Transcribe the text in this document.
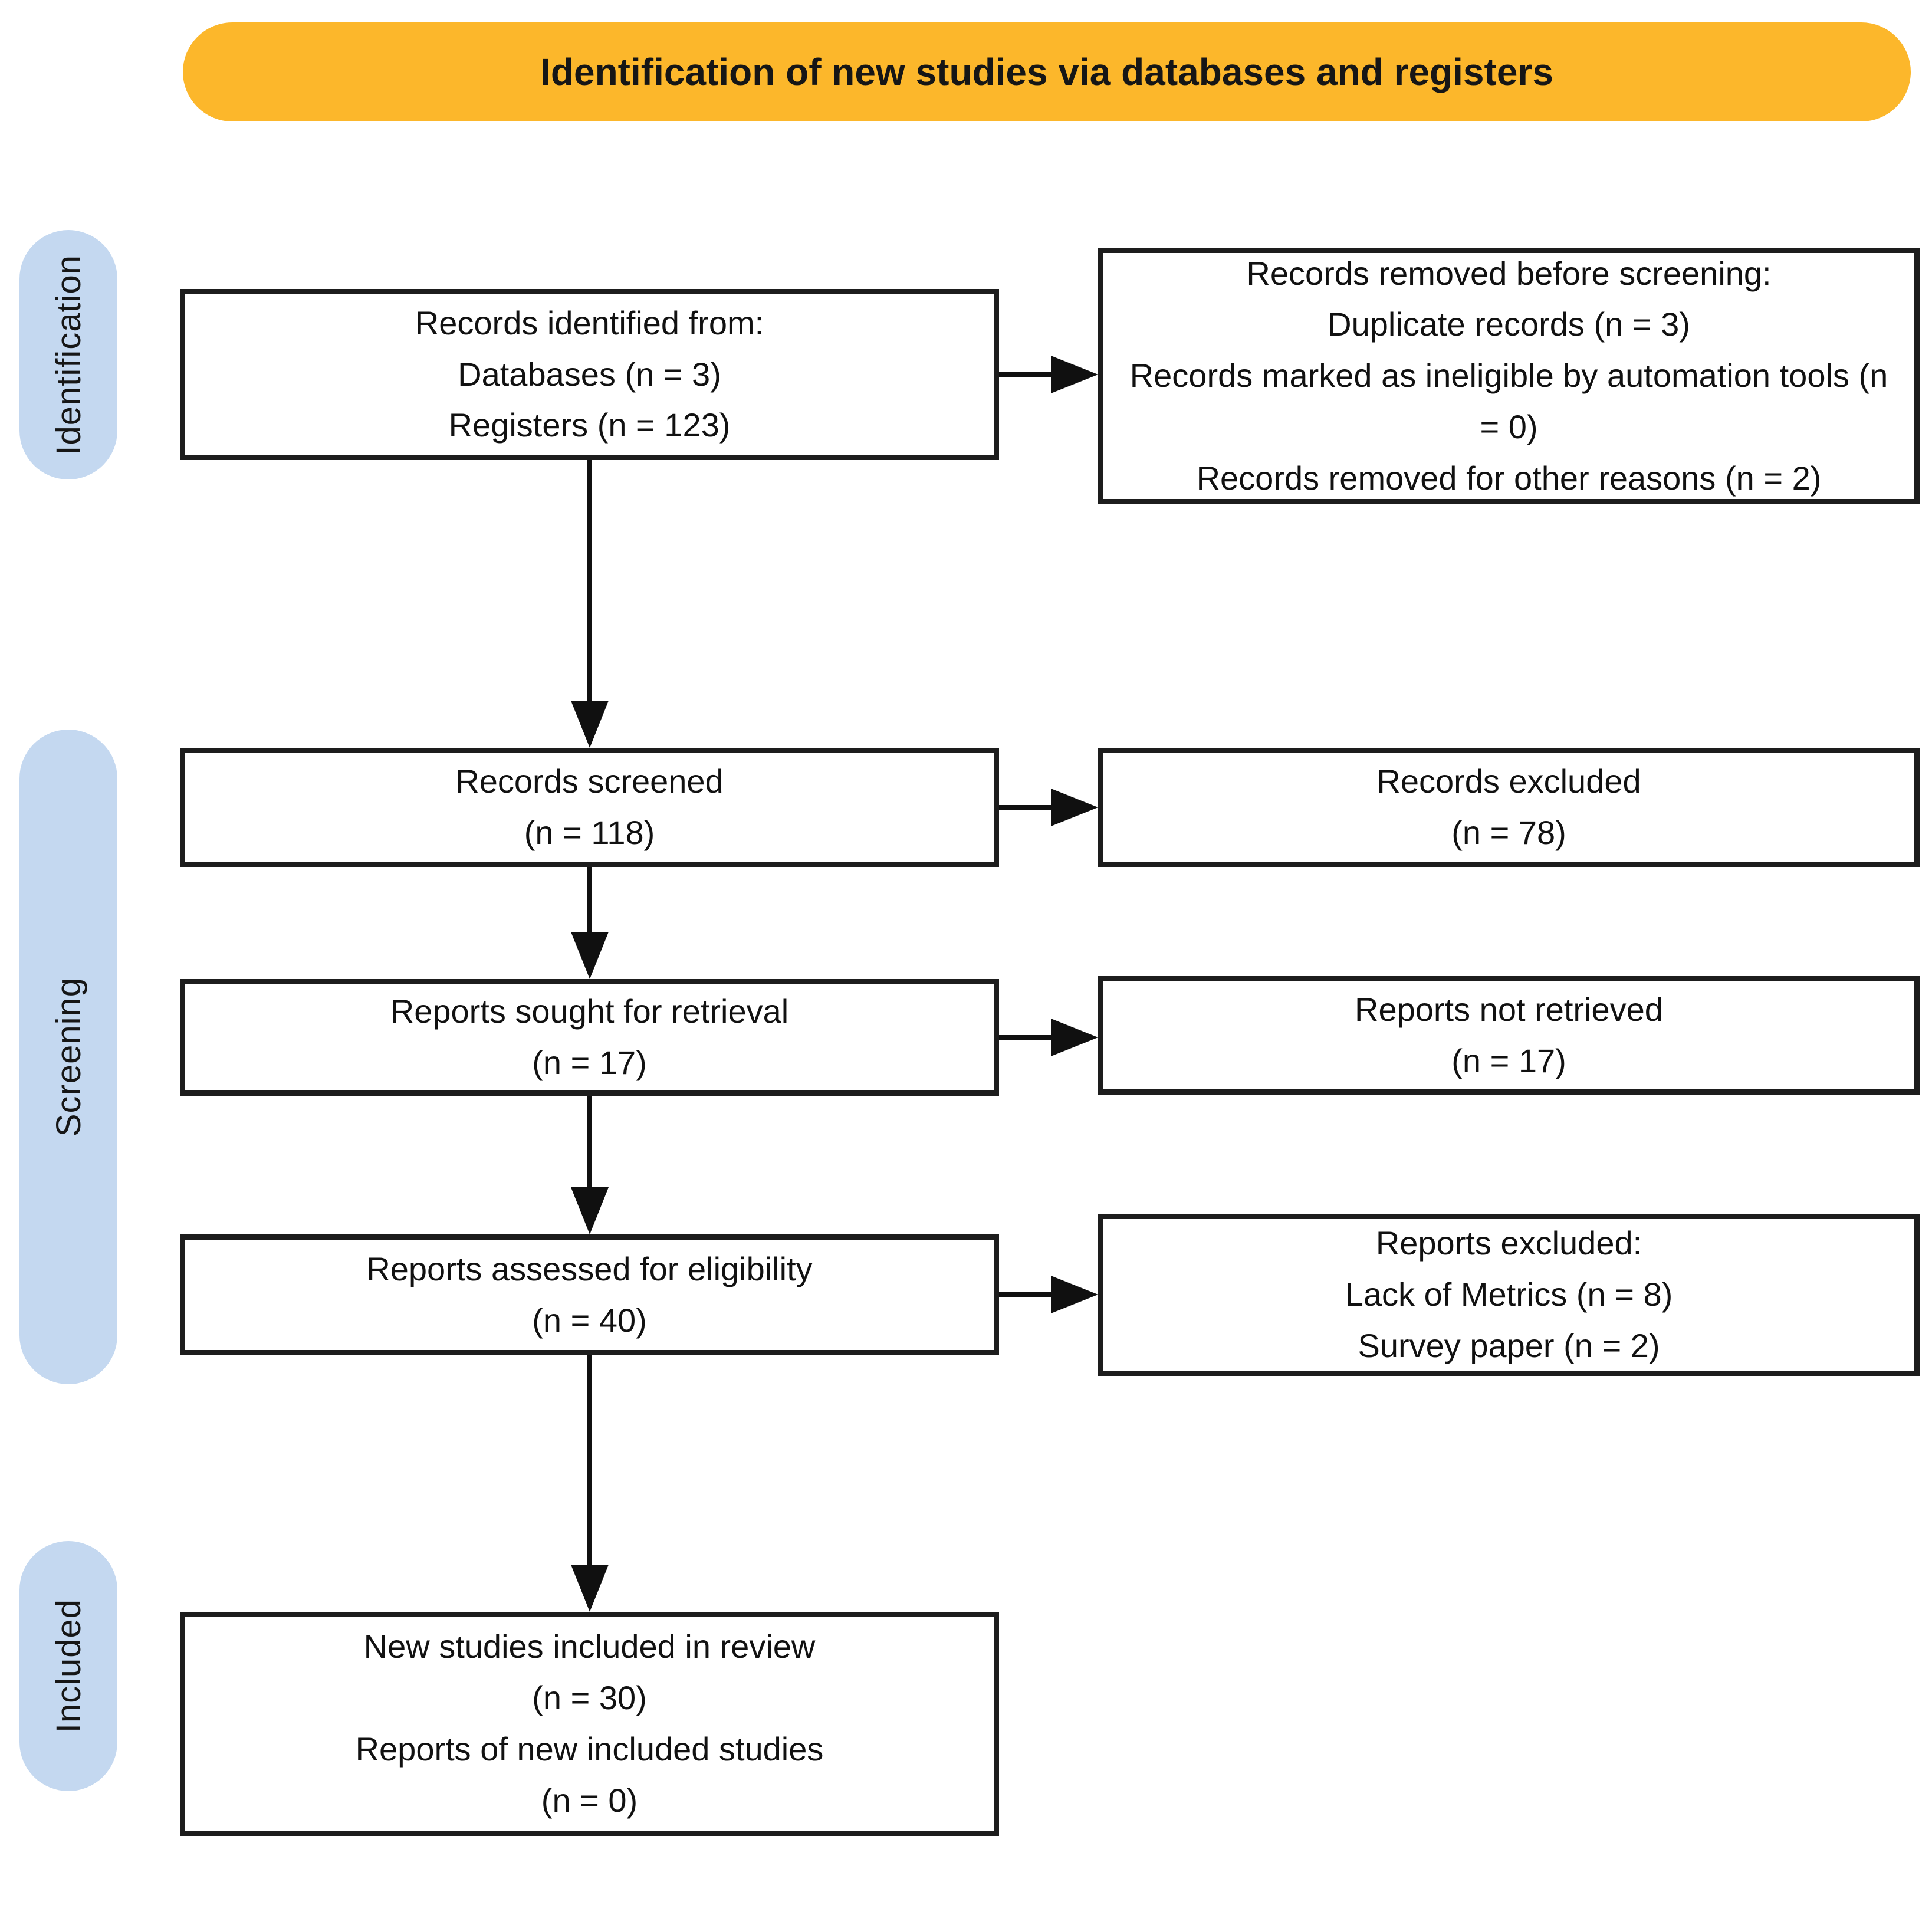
Identification of new studies via databases and registers
Identification
Screening
Included
Records identified from:
Databases (n = 3)
Registers (n = 123)
Records removed before screening:
Duplicate records (n = 3)
Records marked as ineligible by automation tools (n = 0)
Records removed for other reasons (n = 2)
Records screened
(n = 118)
Records excluded
(n = 78)
Reports sought for retrieval
(n = 17)
Reports not retrieved
(n = 17)
Reports assessed for eligibility
(n = 40)
Reports excluded:
Lack of Metrics (n = 8)
Survey paper (n = 2)
New studies included in review
(n = 30)
Reports of new included studies
(n = 0)
